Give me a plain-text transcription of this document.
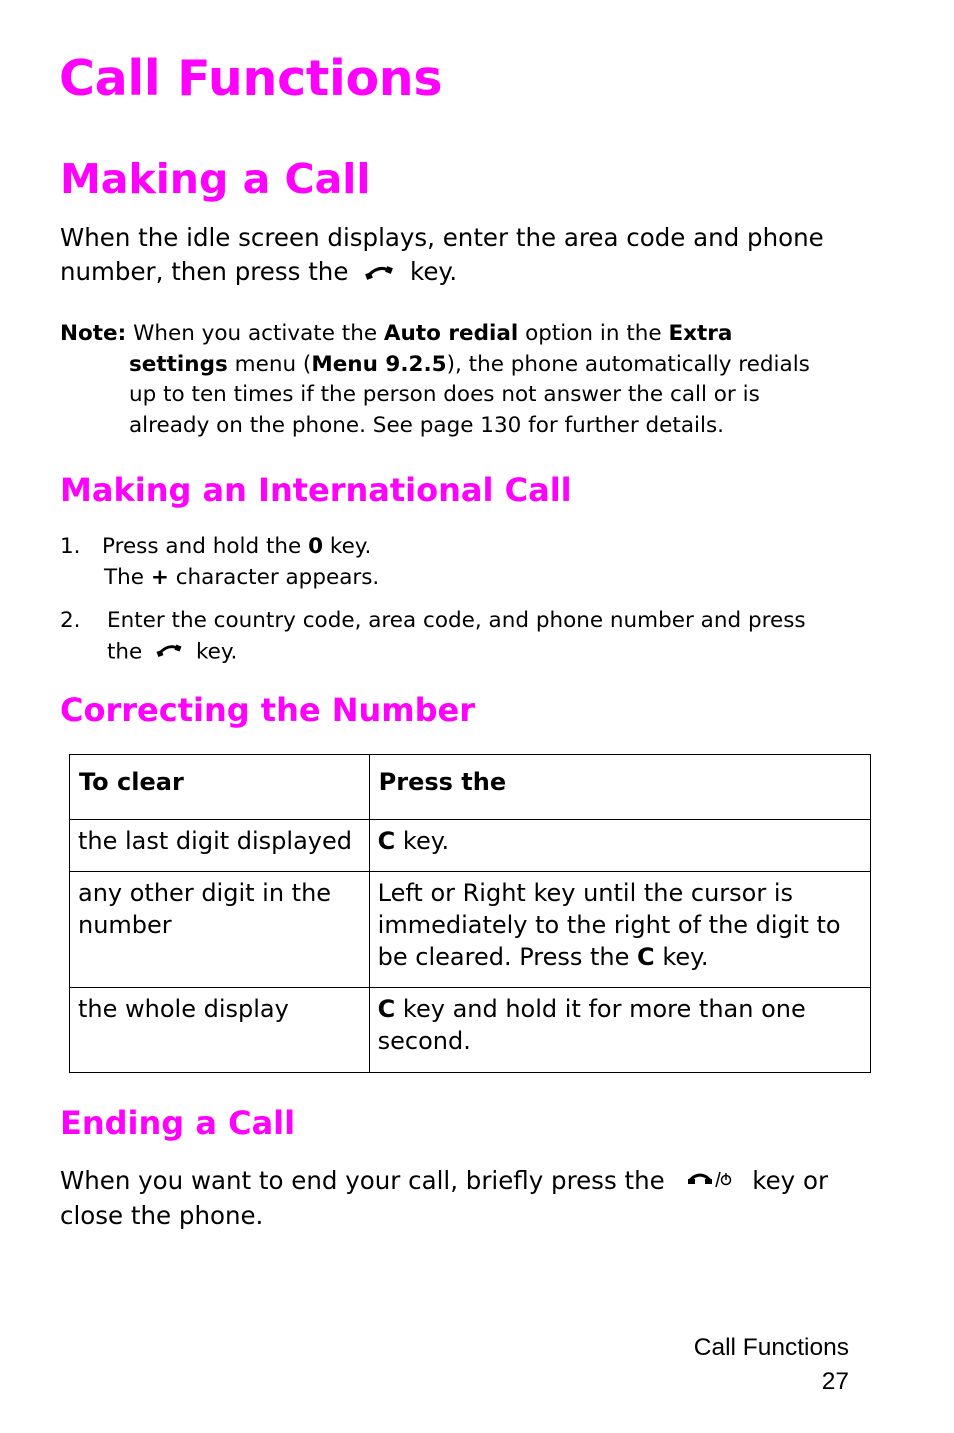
Call Functions
Making a Call
When the idle screen displays, enter the area code and phone
number, then press the	key.
Note: When you activate the Auto redial option in the Extra
settings menu (Menu 9.2.5), the phone automatically redials
up to ten times if the person does not answer the call or is
already on the phone. See page 130 for further details.
Making an International Call
1. Press and hold the 0 key.
The + character appears.
2. Enter the country code, area code, and phone number and press
the key.
Correcting the Number
To clear	Press the
the last digit displayed	C key.
any other digit in the number	Left or Right key until the cursor is immediately to the right of the digit to be cleared. Press the C key.
the whole display	C key and hold it for more than one second.
Ending a Call
When you want to end your call, briefly press the	key or
close the phone.
Call Functions
27
